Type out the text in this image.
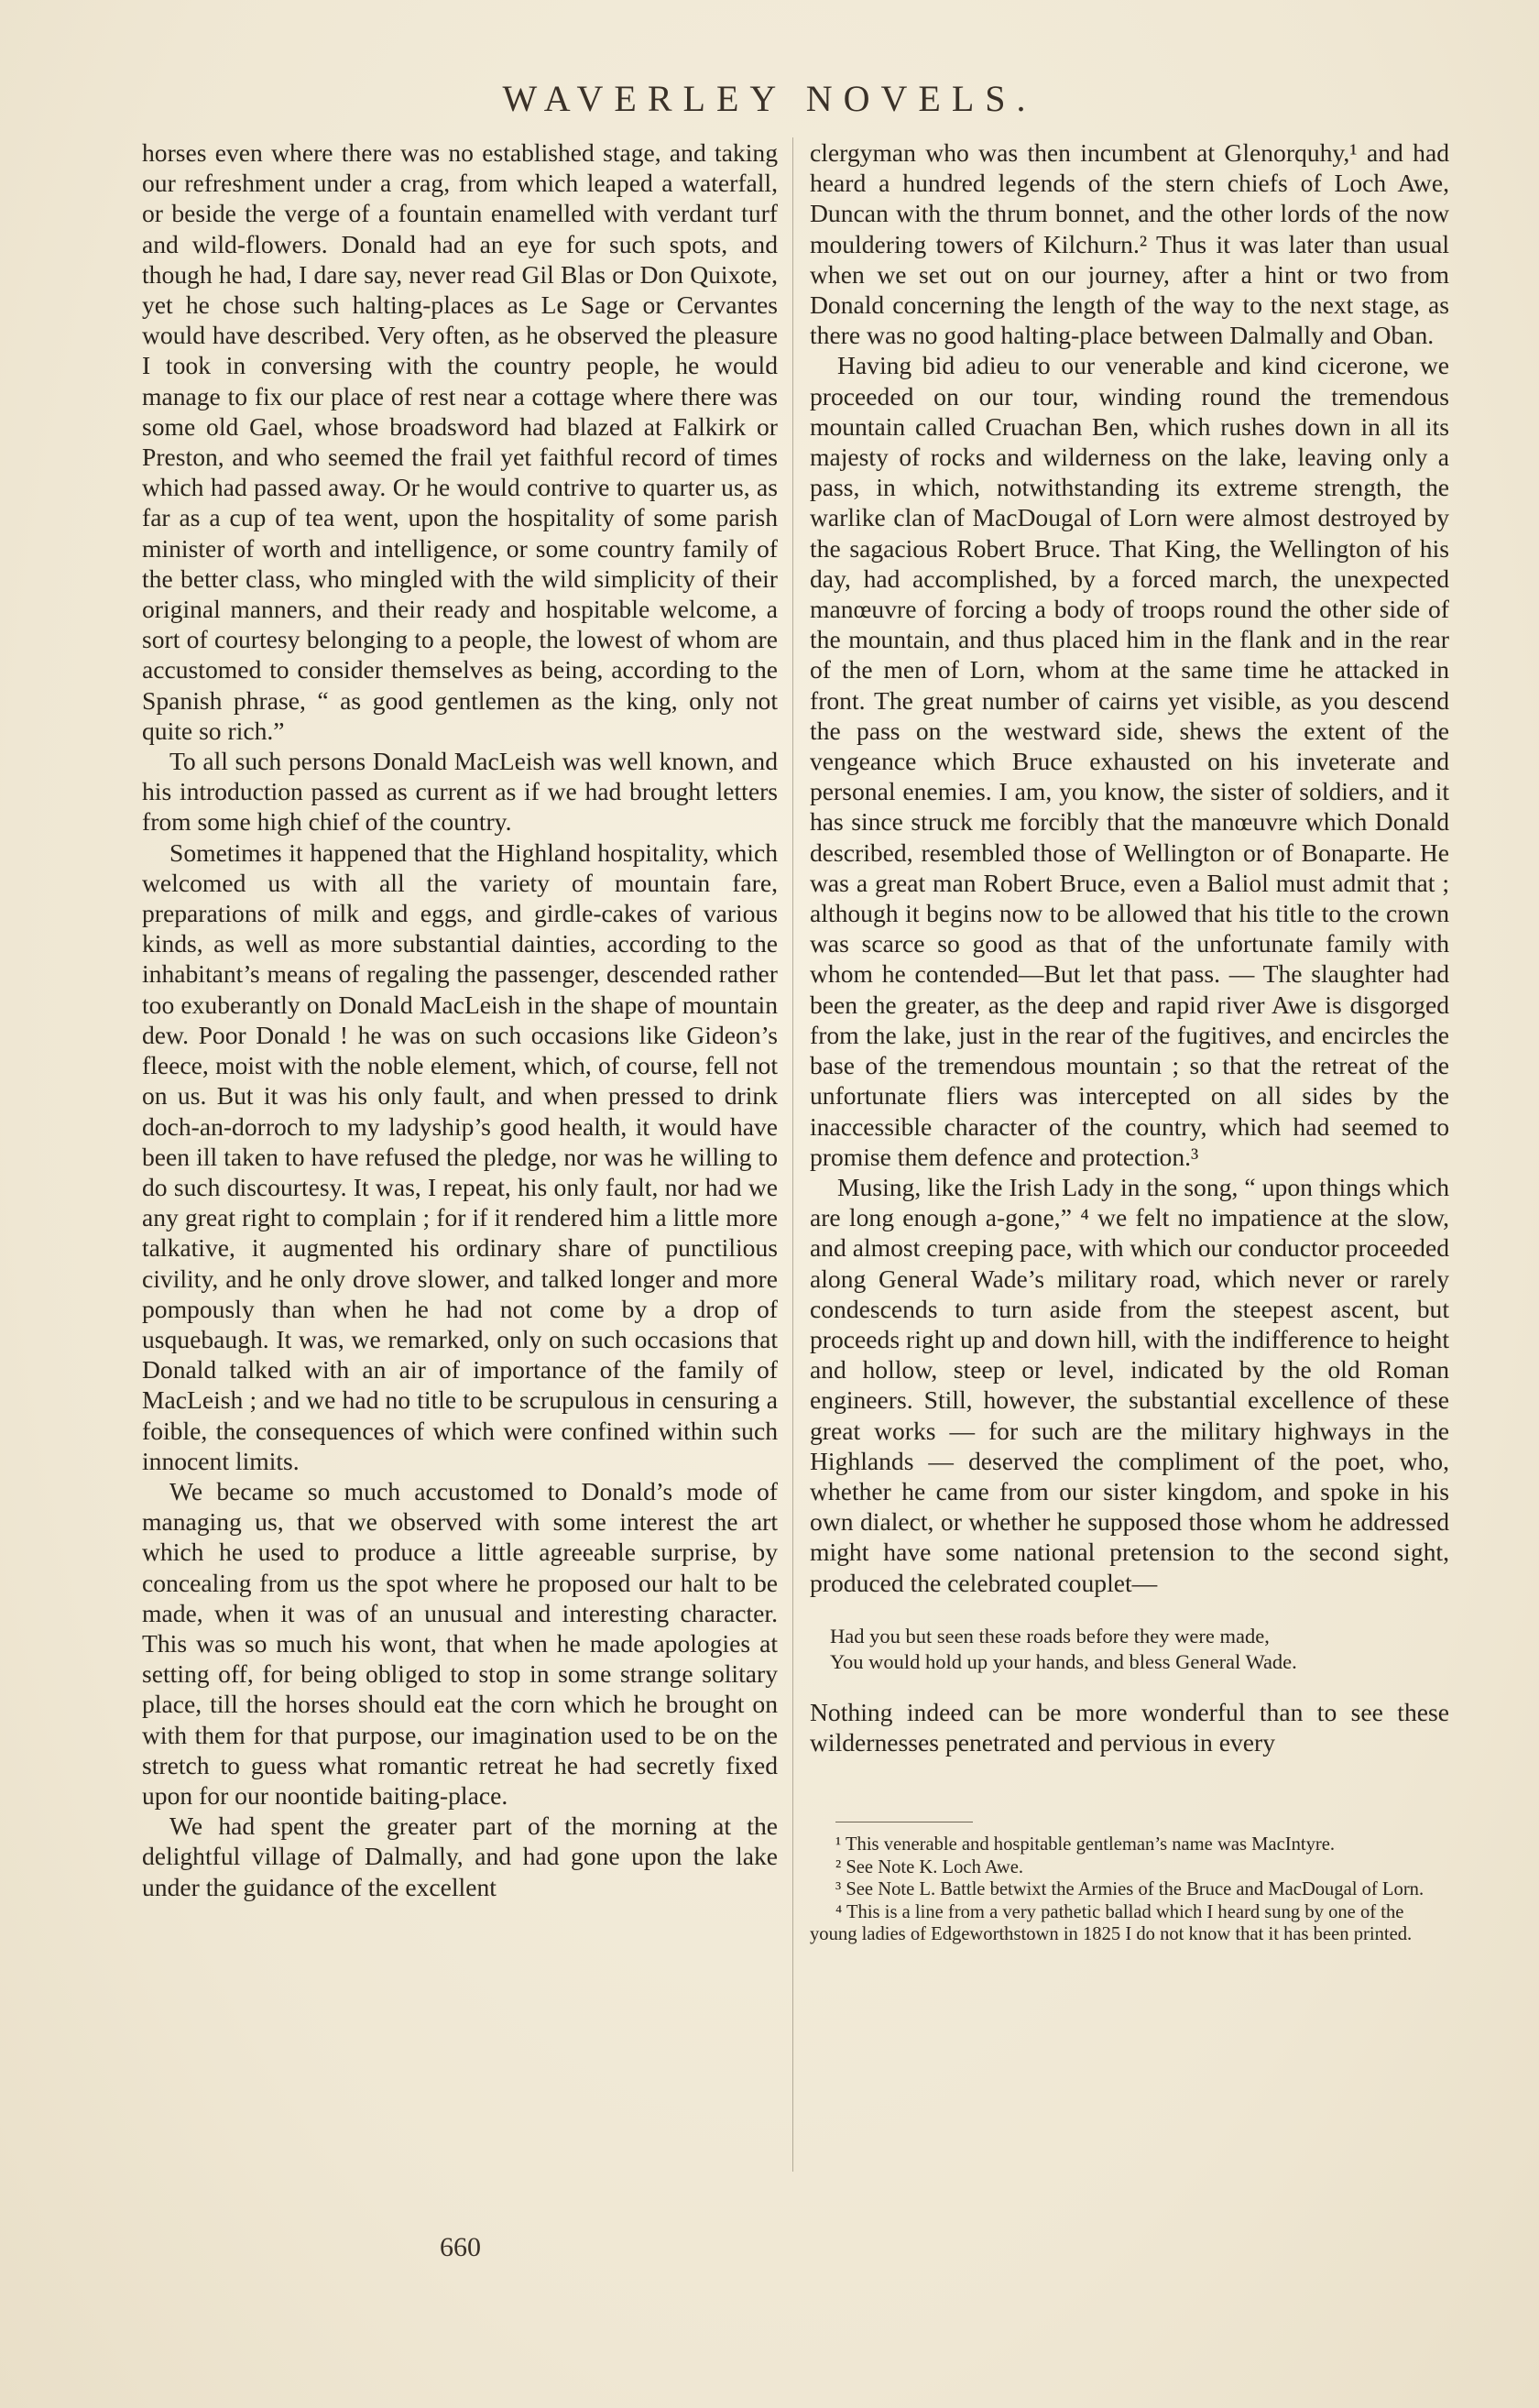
WAVERLEY NOVELS.

horses even where there was no established stage, and taking our refreshment under a crag, from which leaped a waterfall, or beside the verge of a fountain enamelled with verdant turf and wild-flowers. Donald had an eye for such spots, and though he had, I dare say, never read Gil Blas or Don Quixote, yet he chose such halting-places as Le Sage or Cervantes would have described. Very often, as he observed the pleasure I took in conversing with the country people, he would manage to fix our place of rest near a cottage where there was some old Gael, whose broadsword had blazed at Falkirk or Preston, and who seemed the frail yet faithful record of times which had passed away. Or he would contrive to quarter us, as far as a cup of tea went, upon the hospitality of some parish minister of worth and intelligence, or some country family of the better class, who mingled with the wild simplicity of their original manners, and their ready and hospitable welcome, a sort of courtesy belonging to a people, the lowest of whom are accustomed to consider themselves as being, according to the Spanish phrase, “ as good gentlemen as the king, only not quite so rich.”

To all such persons Donald MacLeish was well known, and his introduction passed as current as if we had brought letters from some high chief of the country.

Sometimes it happened that the Highland hospitality, which welcomed us with all the variety of mountain fare, preparations of milk and eggs, and girdle-cakes of various kinds, as well as more substantial dainties, according to the inhabitant’s means of regaling the passenger, descended rather too exuberantly on Donald MacLeish in the shape of mountain dew. Poor Donald ! he was on such occasions like Gideon’s fleece, moist with the noble element, which, of course, fell not on us. But it was his only fault, and when pressed to drink doch-an-dorroch to my ladyship’s good health, it would have been ill taken to have refused the pledge, nor was he willing to do such discourtesy. It was, I repeat, his only fault, nor had we any great right to complain ; for if it rendered him a little more talkative, it augmented his ordinary share of punctilious civility, and he only drove slower, and talked longer and more pompously than when he had not come by a drop of usquebaugh. It was, we remarked, only on such occasions that Donald talked with an air of importance of the family of MacLeish ; and we had no title to be scrupulous in censuring a foible, the consequences of which were confined within such innocent limits.

We became so much accustomed to Donald’s mode of managing us, that we observed with some interest the art which he used to produce a little agreeable surprise, by concealing from us the spot where he proposed our halt to be made, when it was of an unusual and interesting character. This was so much his wont, that when he made apologies at setting off, for being obliged to stop in some strange solitary place, till the horses should eat the corn which he brought on with them for that purpose, our imagination used to be on the stretch to guess what romantic retreat he had secretly fixed upon for our noontide baiting-place.

We had spent the greater part of the morning at the delightful village of Dalmally, and had gone upon the lake under the guidance of the excellent

clergyman who was then incumbent at Glenorquhy,¹ and had heard a hundred legends of the stern chiefs of Loch Awe, Duncan with the thrum bonnet, and the other lords of the now mouldering towers of Kilchurn.² Thus it was later than usual when we set out on our journey, after a hint or two from Donald concerning the length of the way to the next stage, as there was no good halting-place between Dalmally and Oban.

Having bid adieu to our venerable and kind cicerone, we proceeded on our tour, winding round the tremendous mountain called Cruachan Ben, which rushes down in all its majesty of rocks and wilderness on the lake, leaving only a pass, in which, notwithstanding its extreme strength, the warlike clan of MacDougal of Lorn were almost destroyed by the sagacious Robert Bruce. That King, the Wellington of his day, had accomplished, by a forced march, the unexpected manœuvre of forcing a body of troops round the other side of the mountain, and thus placed him in the flank and in the rear of the men of Lorn, whom at the same time he attacked in front. The great number of cairns yet visible, as you descend the pass on the westward side, shews the extent of the vengeance which Bruce exhausted on his inveterate and personal enemies. I am, you know, the sister of soldiers, and it has since struck me forcibly that the manœuvre which Donald described, resembled those of Wellington or of Bonaparte. He was a great man Robert Bruce, even a Baliol must admit that ; although it begins now to be allowed that his title to the crown was scarce so good as that of the unfortunate family with whom he contended—But let that pass. — The slaughter had been the greater, as the deep and rapid river Awe is disgorged from the lake, just in the rear of the fugitives, and encircles the base of the tremendous mountain ; so that the retreat of the unfortunate fliers was intercepted on all sides by the inaccessible character of the country, which had seemed to promise them defence and protection.³

Musing, like the Irish Lady in the song, “ upon things which are long enough a-gone,” ⁴ we felt no impatience at the slow, and almost creeping pace, with which our conductor proceeded along General Wade’s military road, which never or rarely condescends to turn aside from the steepest ascent, but proceeds right up and down hill, with the indifference to height and hollow, steep or level, indicated by the old Roman engineers. Still, however, the substantial excellence of these great works — for such are the military highways in the Highlands — deserved the compliment of the poet, who, whether he came from our sister kingdom, and spoke in his own dialect, or whether he supposed those whom he addressed might have some national pretension to the second sight, produced the celebrated couplet—

Had you but seen these roads before they were made,
You would hold up your hands, and bless General Wade.

Nothing indeed can be more wonderful than to see these wildernesses penetrated and pervious in every

¹ This venerable and hospitable gentleman’s name was MacIntyre.

² See Note K. Loch Awe.

³ See Note L. Battle betwixt the Armies of the Bruce and MacDougal of Lorn.

⁴ This is a line from a very pathetic ballad which I heard sung by one of the young ladies of Edgeworthstown in 1825 I do not know that it has been printed.

660
